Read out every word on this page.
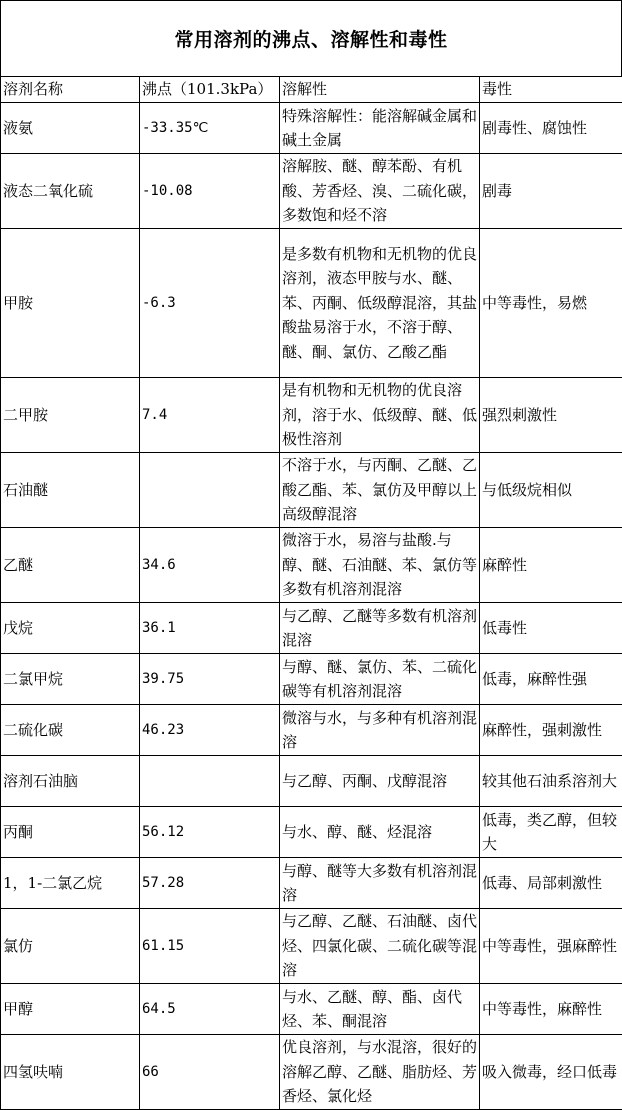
常用溶剂的沸点、溶解性和毒性
溶剂名称	沸点（101.3kPa）	溶解性	毒性
液氨	-33.35℃	特殊溶解性：能溶解碱金属和碱土金属	剧毒性、腐蚀性
液态二氧化硫	-10.08	溶解胺、醚、醇苯酚、有机酸、芳香烃、溴、二硫化碳，多数饱和烃不溶	剧毒
甲胺	-6.3	是多数有机物和无机物的优良溶剂，液态甲胺与水、醚、苯、丙酮、低级醇混溶，其盐酸盐易溶于水，不溶于醇、醚、酮、氯仿、乙酸乙酯	中等毒性，易燃
二甲胺	7.4	是有机物和无机物的优良溶剂，溶于水、低级醇、醚、低极性溶剂	强烈刺激性
石油醚		不溶于水，与丙酮、乙醚、乙酸乙酯、苯、氯仿及甲醇以上高级醇混溶	与低级烷相似
乙醚	34.6	微溶于水，易溶与盐酸.与醇、醚、石油醚、苯、氯仿等多数有机溶剂混溶	麻醉性
戊烷	36.1	与乙醇、乙醚等多数有机溶剂混溶	低毒性
二氯甲烷	39.75	与醇、醚、氯仿、苯、二硫化碳等有机溶剂混溶	低毒，麻醉性强
二硫化碳	46.23	微溶与水，与多种有机溶剂混溶	麻醉性，强刺激性
溶剂石油脑		与乙醇、丙酮、戊醇混溶	较其他石油系溶剂大
丙酮	56.12	与水、醇、醚、烃混溶	低毒，类乙醇，但较大
1，1-二氯乙烷	57.28	与醇、醚等大多数有机溶剂混溶	低毒、局部刺激性
氯仿	61.15	与乙醇、乙醚、石油醚、卤代烃、四氯化碳、二硫化碳等混溶	中等毒性，强麻醉性
甲醇	64.5	与水、乙醚、醇、酯、卤代烃、苯、酮混溶	中等毒性，麻醉性
四氢呋喃	66	优良溶剂，与水混溶，很好的溶解乙醇、乙醚、脂肪烃、芳香烃、氯化烃	吸入微毒，经口低毒
